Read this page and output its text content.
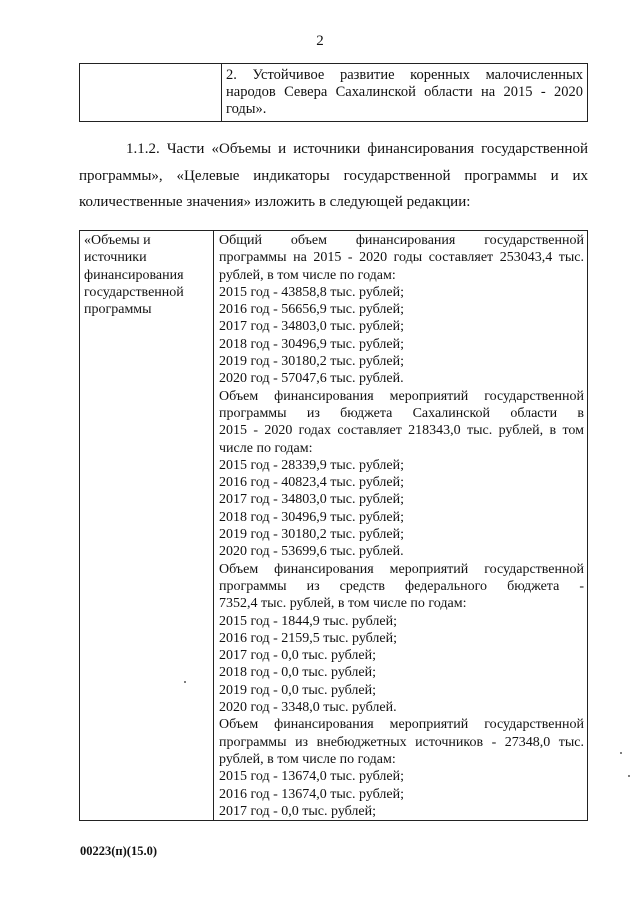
2

2. Устойчивое развитие коренных малочисленных
народов Севера Сахалинской области на 2015 - 2020
годы».
1.1.2. Части «Объемы и источники финансирования государственной программы», «Целевые индикаторы государственной программы и их количественные значения» изложить в следующей редакции:
«Объемы и
источники
финансирования
государственной
программы

Общий объем финансирования государственной
программы на 2015 - 2020 годы составляет 253043,4 тыс.
рублей, в том числе по годам:
2015 год - 43858,8 тыс. рублей;
2016 год - 56656,9 тыс. рублей;
2017 год - 34803,0 тыс. рублей;
2018 год - 30496,9 тыс. рублей;
2019 год - 30180,2 тыс. рублей;
2020 год - 57047,6 тыс. рублей.
Объем финансирования мероприятий государственной
программы из бюджета Сахалинской области в
2015 - 2020 годах составляет 218343,0 тыс. рублей, в том
числе по годам:
2015 год - 28339,9 тыс. рублей;
2016 год - 40823,4 тыс. рублей;
2017 год - 34803,0 тыс. рублей;
2018 год - 30496,9 тыс. рублей;
2019 год - 30180,2 тыс. рублей;
2020 год - 53699,6 тыс. рублей.
Объем финансирования мероприятий государственной
программы из средств федерального бюджета -
7352,4 тыс. рублей, в том числе по годам:
2015 год - 1844,9 тыс. рублей;
2016 год - 2159,5 тыс. рублей;
2017 год - 0,0 тыс. рублей;
2018 год - 0,0 тыс. рублей;
2019 год - 0,0 тыс. рублей;
2020 год - 3348,0 тыс. рублей.
Объем финансирования мероприятий государственной
программы из внебюджетных источников - 27348,0 тыс.
рублей, в том числе по годам:
2015 год - 13674,0 тыс. рублей;
2016 год - 13674,0 тыс. рублей;
2017 год - 0,0 тыс. рублей;
00223(п)(15.0)
